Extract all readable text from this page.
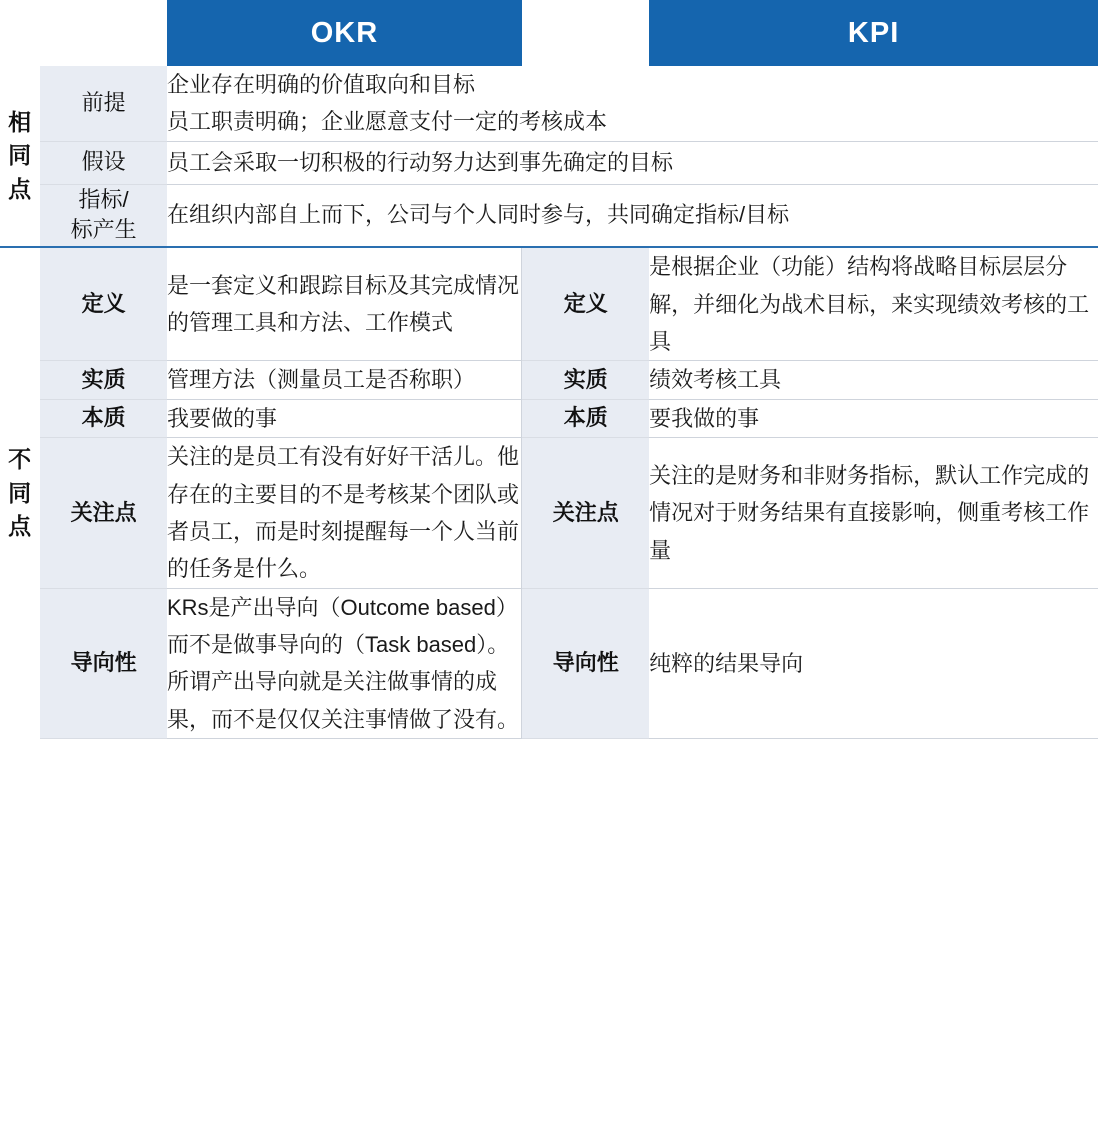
		OKR		KPI

相
同
点	前提	企业存在明确的价值取向和目标
员工职责明确；企业愿意支付一定的考核成本		

	假设	员工会采取一切积极的行动努力达到事先确定的目标		

	指标/
标产生	在组织内部自上而下，公司与个人同时参与，共同确定指标/目标		

不
同
点	定义	是一套定义和跟踪目标及其完成情况的管理工具和方法、工作模式	定义	是根据企业（功能）结构将战略目标层层分解，并细化为战术目标，来实现绩效考核的工具
	实质	管理方法（测量员工是否称职）	实质	绩效考核工具
	本质	我要做的事	本质	要我做的事
	关注点	关注的是员工有没有好好干活儿。他存在的主要目的不是考核某个团队或者员工，而是时刻提醒每一个人当前的任务是什么。	关注点	关注的是财务和非财务指标，默认工作完成的情况对于财务结果有直接影响，侧重考核工作量
	导向性	KRs是产出导向（Outcome based）而不是做事导向的（Task based）。所谓产出导向就是关注做事情的成果，而不是仅仅关注事情做了没有。	导向性	纯粹的结果导向
